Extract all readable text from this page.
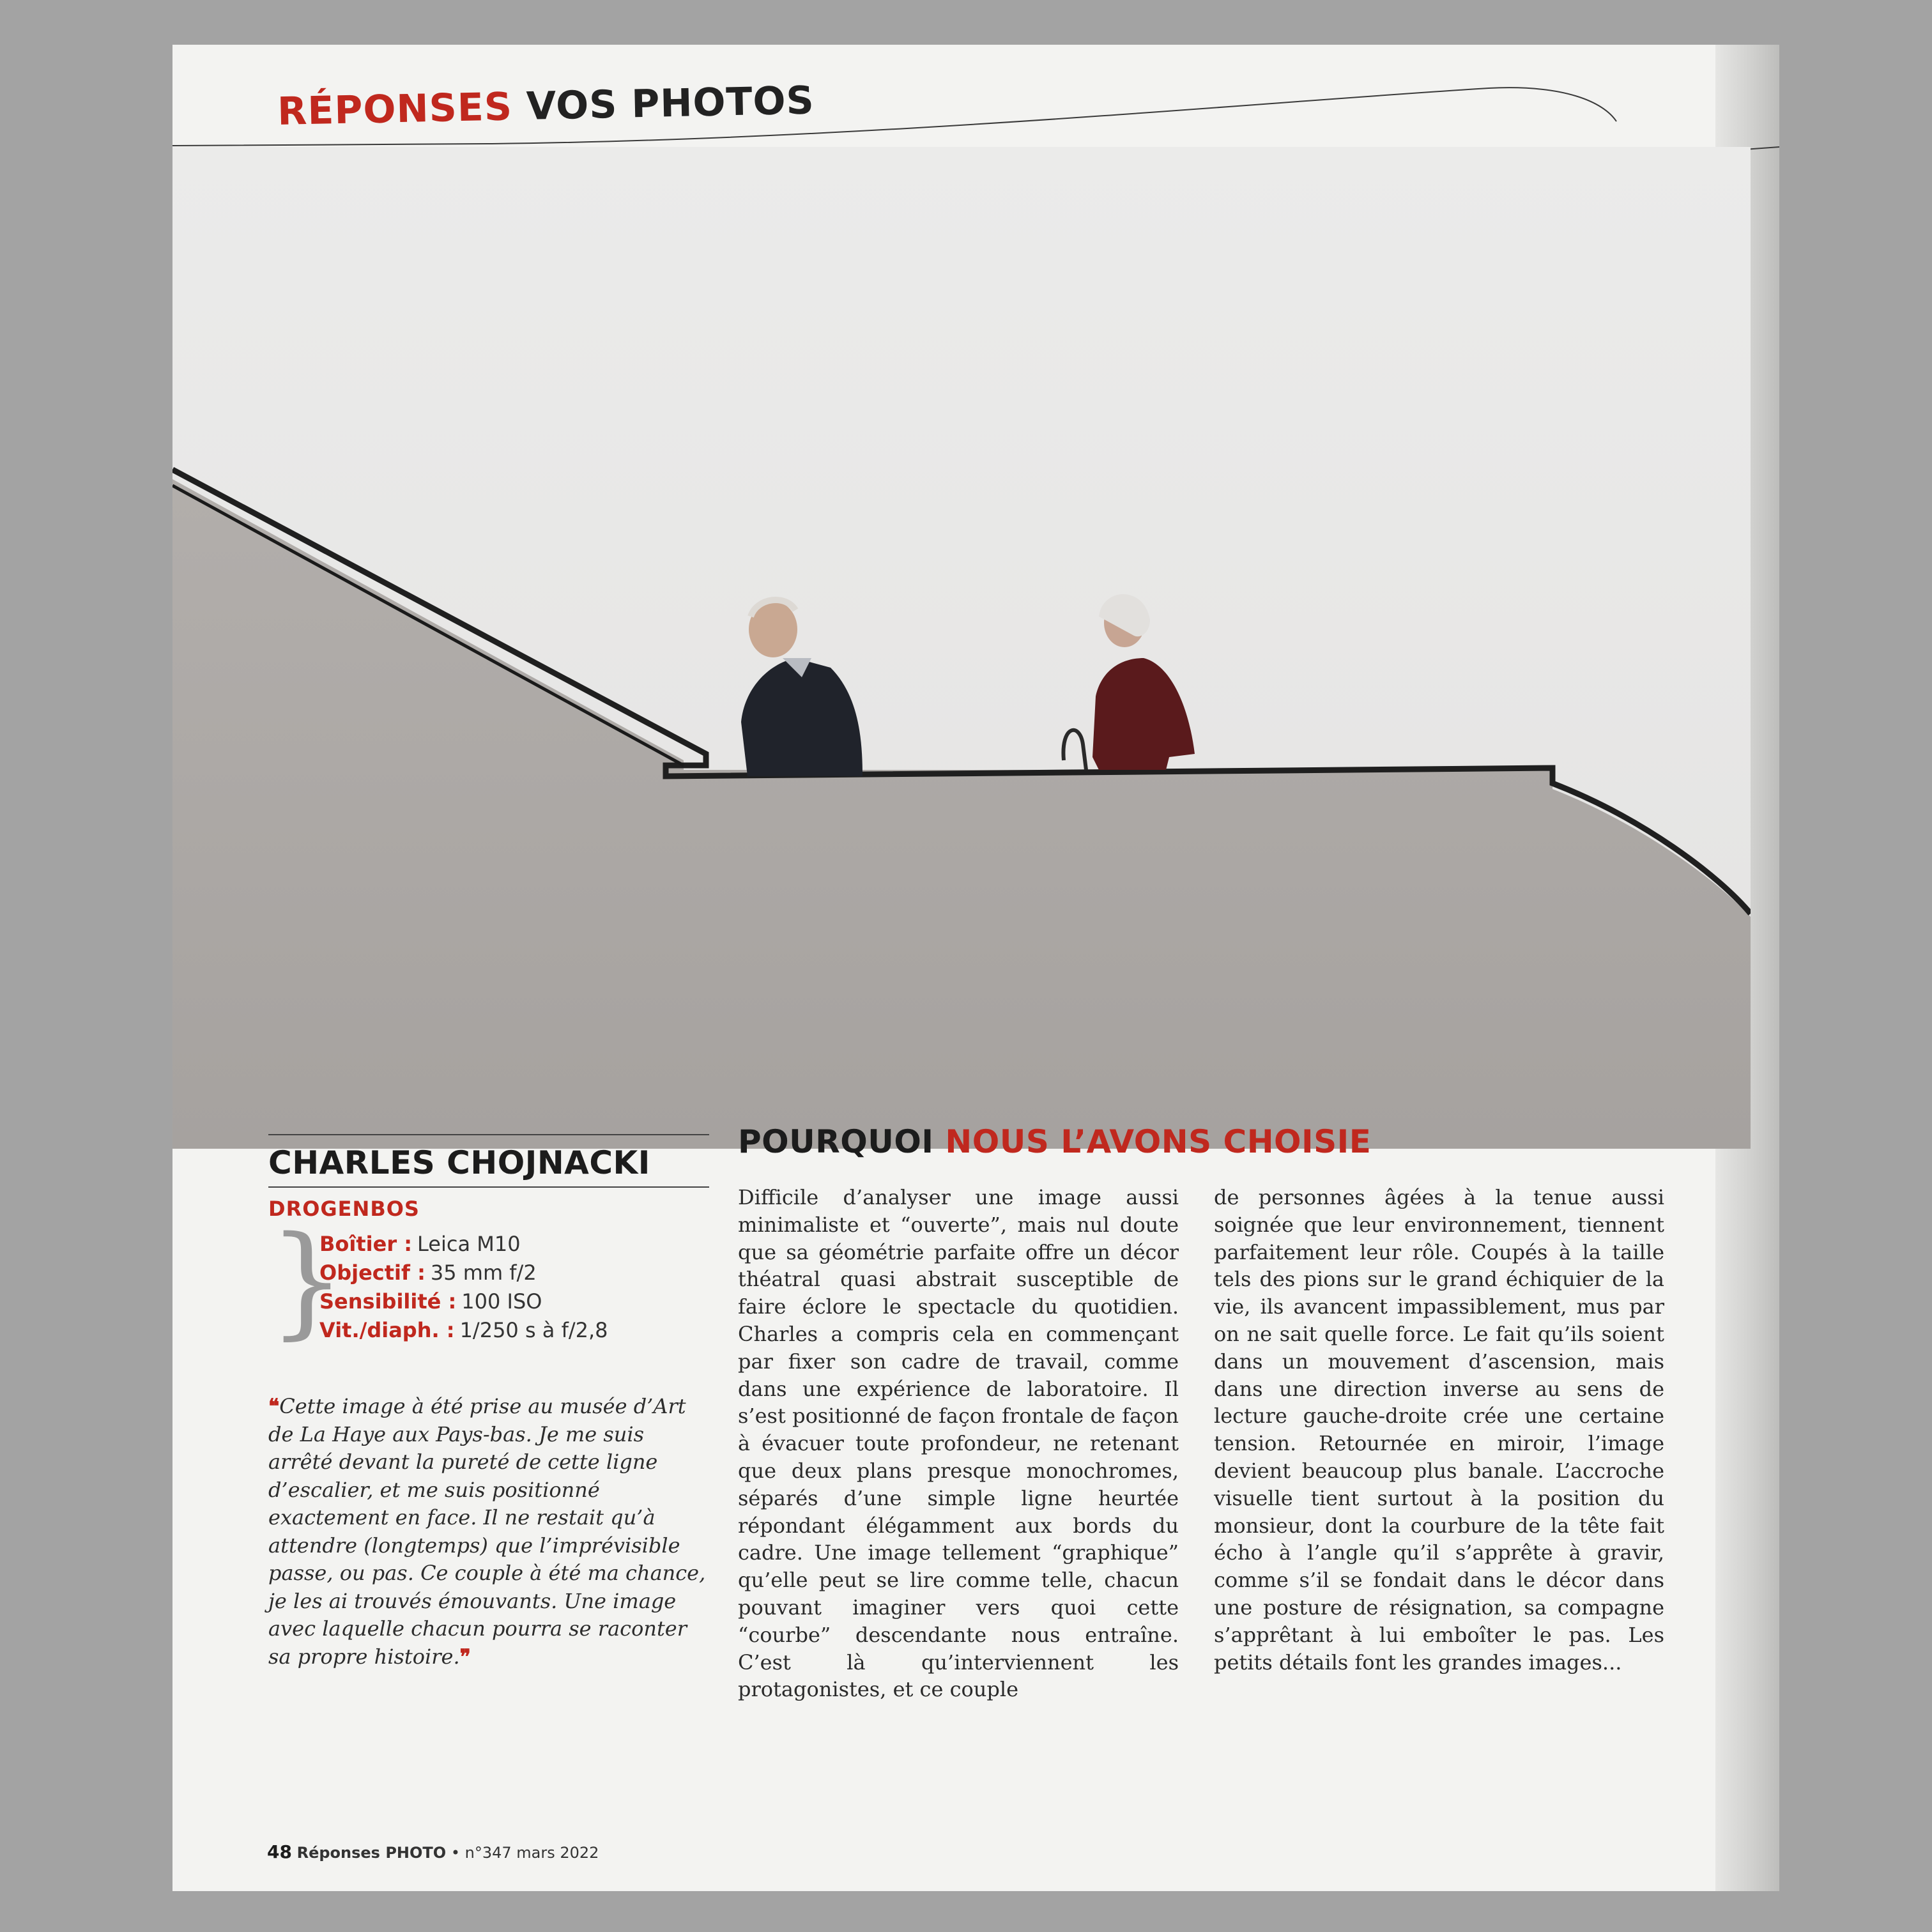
RÉPONSES VOS PHOTOS
CHARLES CHOJNACKI
DROGENBOS
}
Boîtier : Leica M10
Objectif : 35 mm f/2
Sensibilité : 100 ISO
Vit./diaph. : 1/250 s à f/2,8
❝Cette image à été prise au musée d’Art de La Haye aux Pays-bas. Je me suis arrêté devant la pureté de cette ligne d’escalier, et me suis positionné exactement en face. Il ne restait qu’à attendre (longtemps) que l’imprévisible passe, ou pas. Ce couple à été ma chance, je les ai trouvés émouvants. Une image avec laquelle chacun pourra se raconter sa propre histoire.❞
POURQUOI NOUS L’AVONS CHOISIE
Difficile d’analyser une image aussi minimaliste et “ouverte”, mais nul doute que sa géométrie parfaite offre un décor théatral quasi abstrait susceptible de faire éclore le spectacle du quotidien. Charles a compris cela en commençant par fixer son cadre de travail, comme dans une expérience de laboratoire. Il s’est positionné de façon frontale de façon à évacuer toute profondeur, ne retenant que deux plans presque monochromes, séparés d’une simple ligne heurtée répondant élégamment aux bords du cadre. Une image tellement “graphique” qu’elle peut se lire comme telle, chacun pouvant imaginer vers quoi cette “courbe” descendante nous entraîne. C’est là qu’interviennent les protagonistes, et ce couple
de personnes âgées à la tenue aussi soignée que leur environnement, tiennent parfaitement leur rôle. Coupés à la taille tels des pions sur le grand échiquier de la vie, ils avancent impassiblement, mus par on ne sait quelle force. Le fait qu’ils soient dans un mouvement d’ascension, mais dans une direction inverse au sens de lecture gauche-droite crée une certaine tension. Retournée en miroir, l’image devient beaucoup plus banale. L’accroche visuelle tient surtout à la position du monsieur, dont la courbure de la tête fait écho à l’angle qu’il s’apprête à gravir, comme s’il se fondait dans le décor dans une posture de résignation, sa compagne s’apprêtant à lui emboîter le pas. Les petits détails font les grandes images...
48 Réponses PHOTO • n°347 mars 2022
